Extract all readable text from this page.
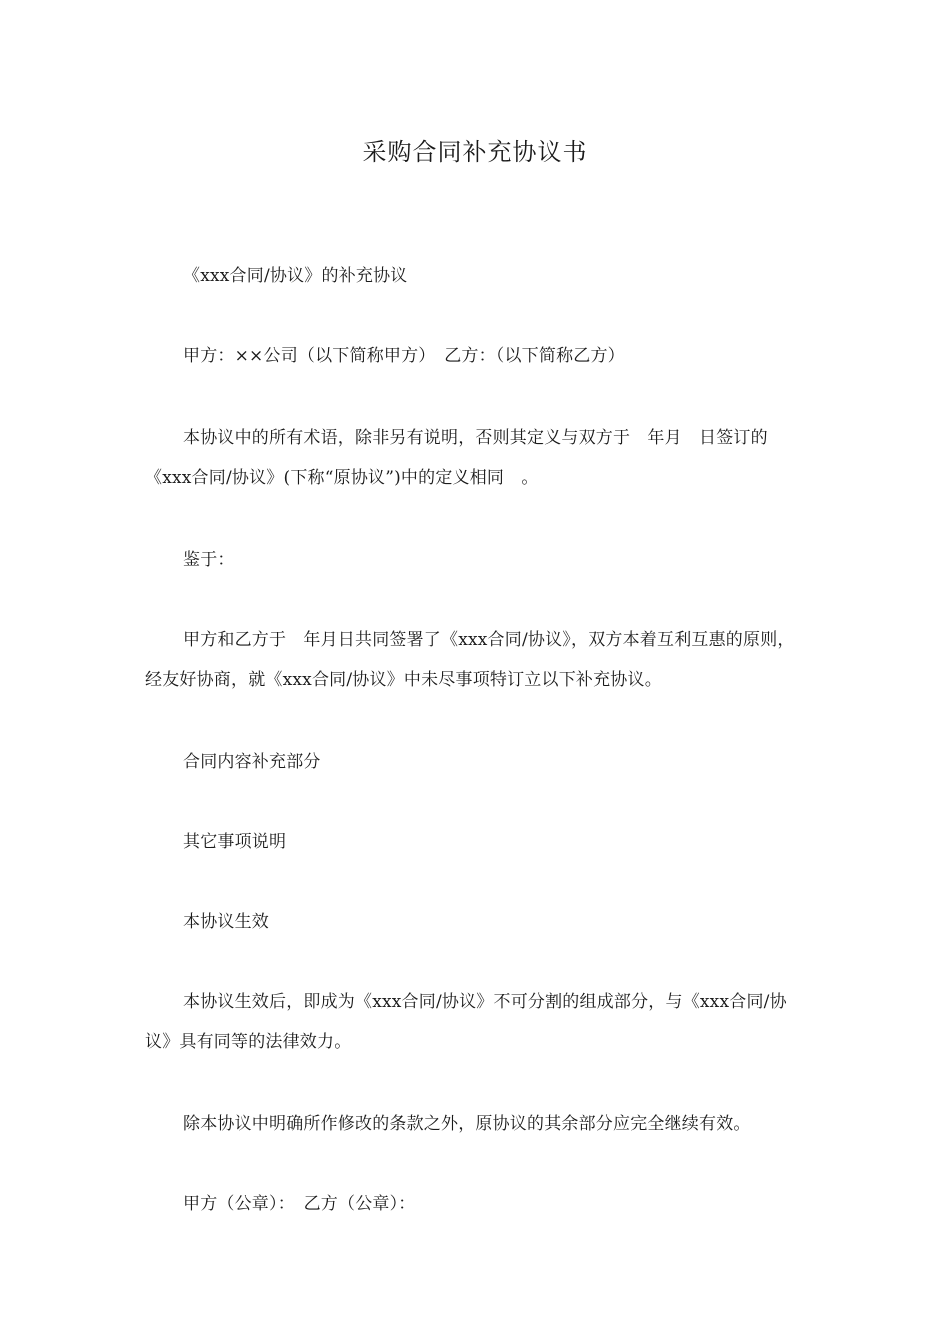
采购合同补充协议书

《xxx合同/协议》的补充协议

甲方：××公司（以下简称甲方）　乙方：（以下简称乙方）

本协议中的所有术语，除非另有说明，否则其定义与双方于　年月　日签订的《xxx合同/协议》(下称“原协议”)中的定义相同　。

鉴于：

甲方和乙方于　年月日共同签署了《xxx合同/协议》，双方本着互利互惠的原则，经友好协商，就《xxx合同/协议》中未尽事项特订立以下补充协议。

合同内容补充部分

其它事项说明

本协议生效

本协议生效后，即成为《xxx合同/协议》不可分割的组成部分，与《xxx合同/协议》具有同等的法律效力。

除本协议中明确所作修改的条款之外，原协议的其余部分应完全继续有效。

甲方（公章）：　乙方（公章）：
